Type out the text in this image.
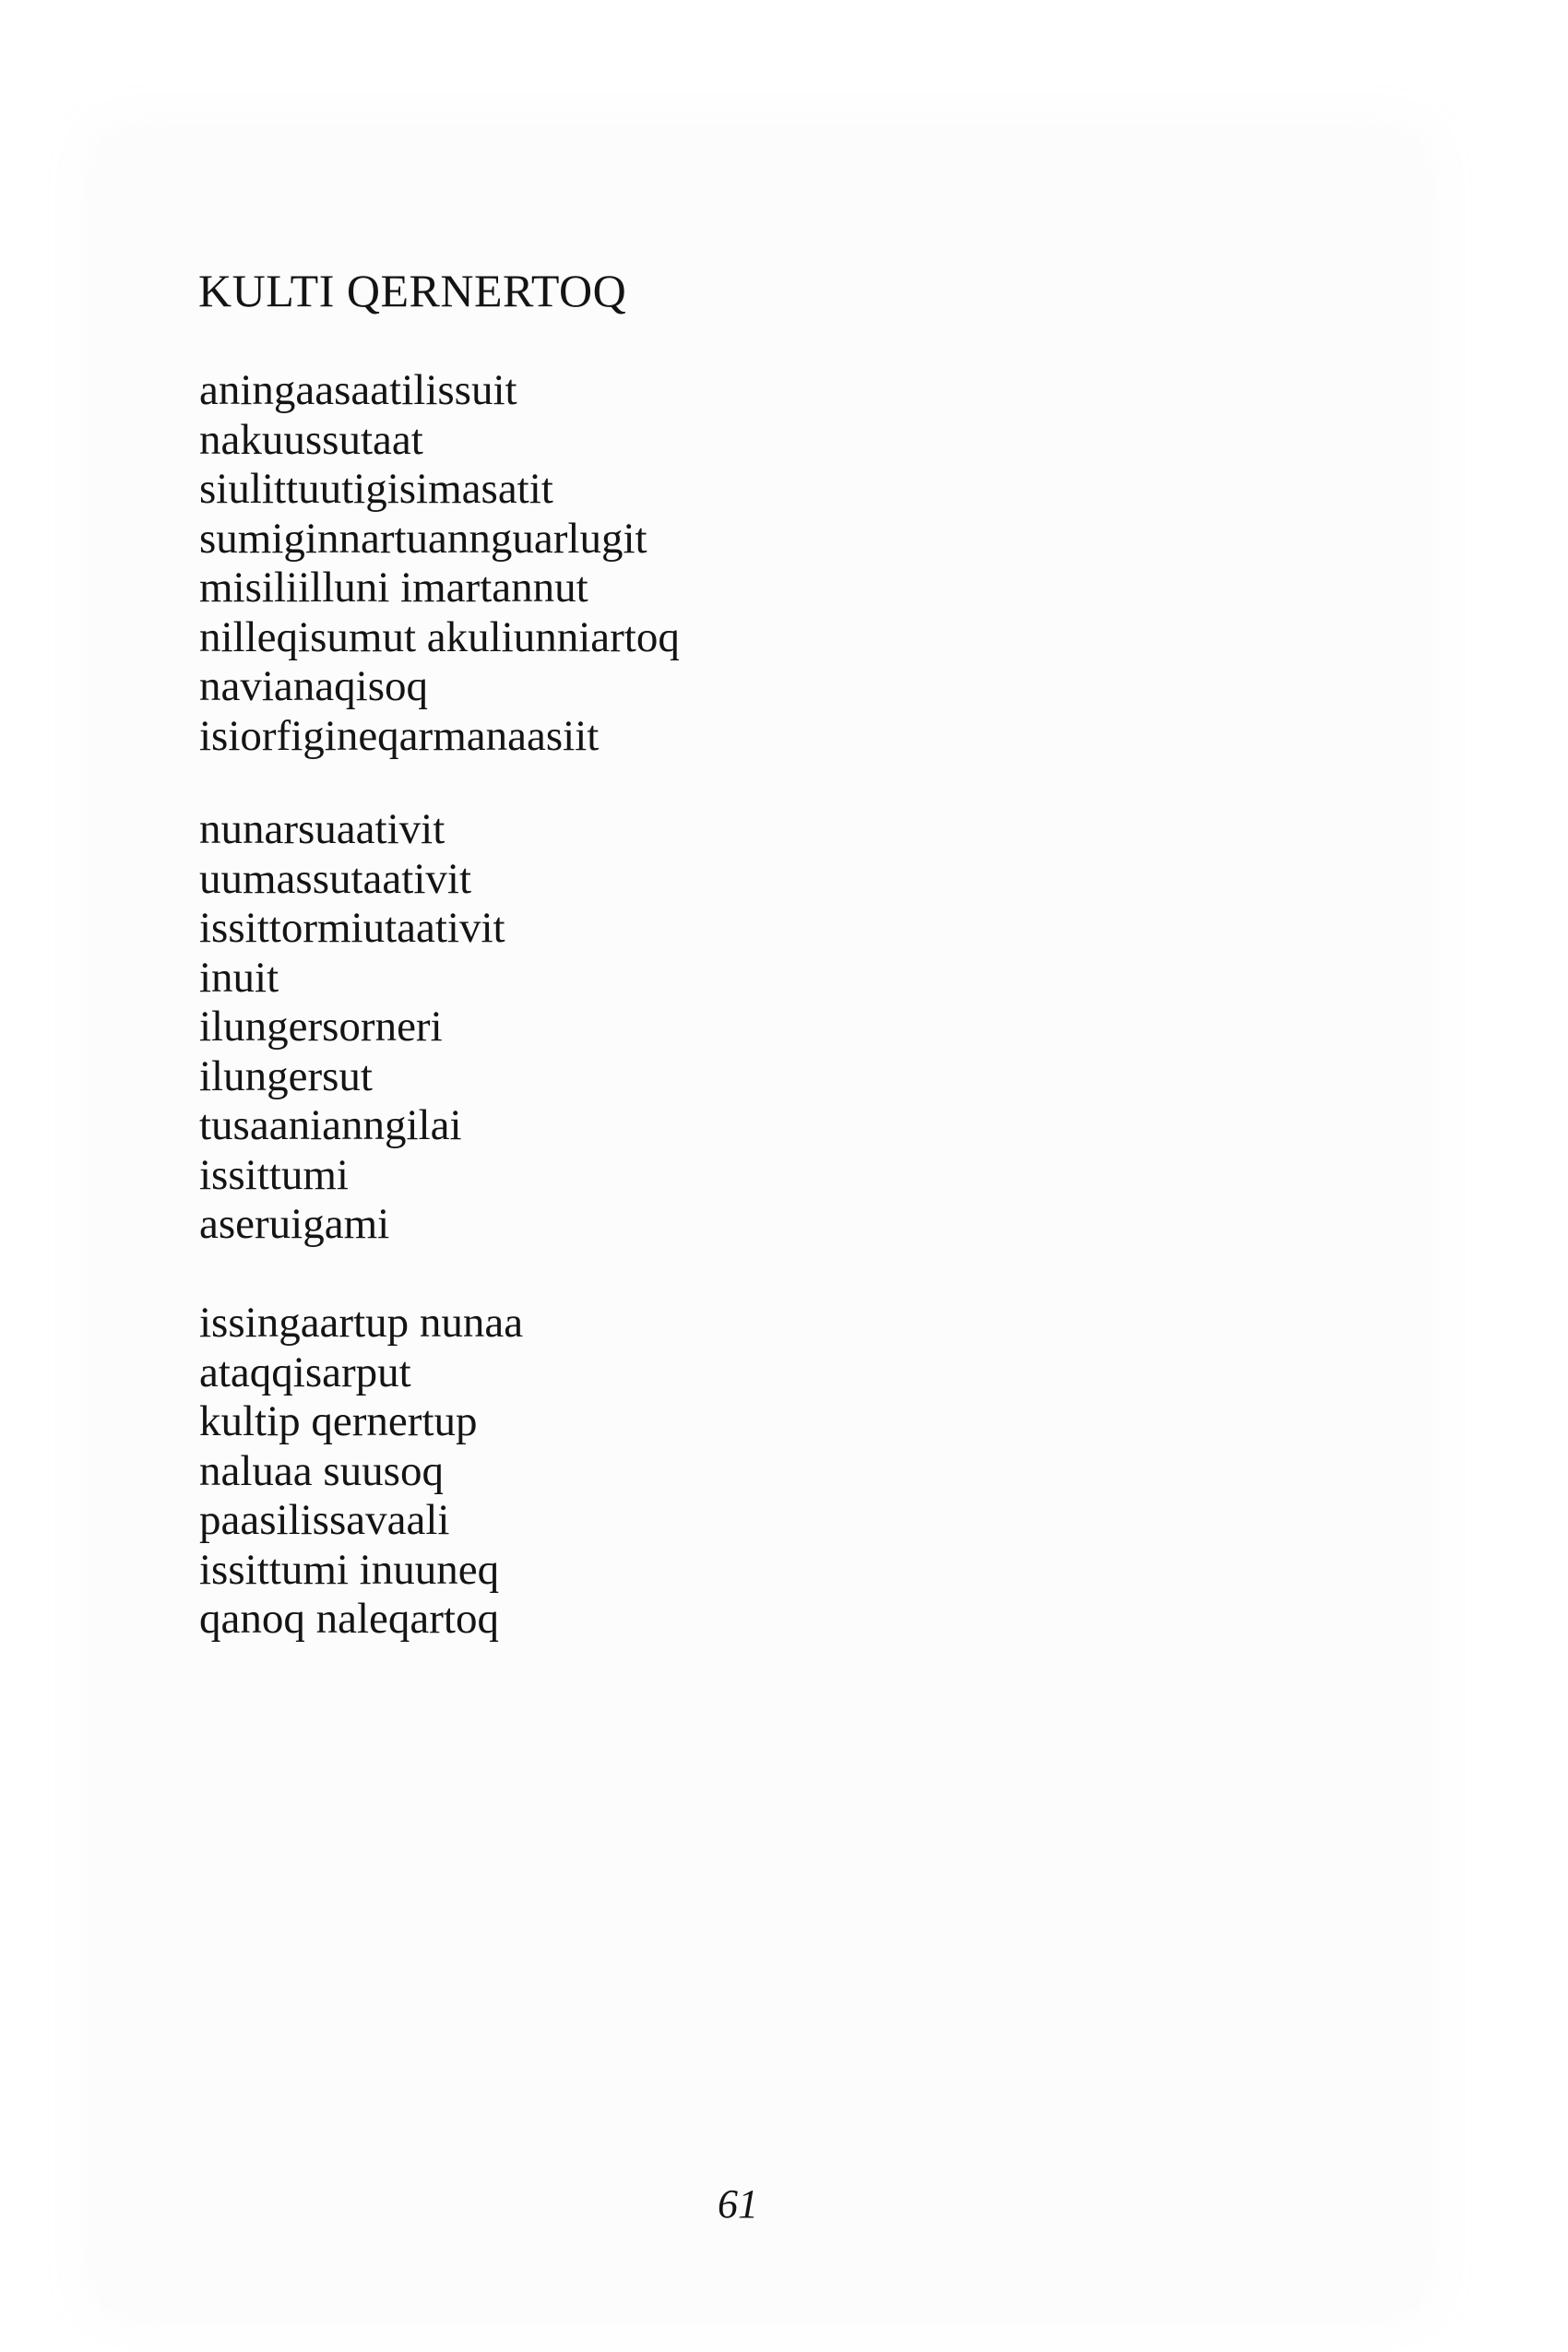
KULTI QERNERTOQ
aningaasaatilissuit
nakuussutaat
siulittuutigisimasatit
sumiginnartuannguarlugit
misiliilluni imartannut
nilleqisumut akuliunniartoq
navianaqisoq
isiorfigineqarmanaasiit
nunarsuaativit
uumassutaativit
issittormiutaativit
inuit
ilungersorneri
ilungersut
tusaanianngilai
issittumi
aseruigami
issingaartup nunaa
ataqqisarput
kultip qernertup
naluaa suusoq
paasilissavaali
issittumi inuuneq
qanoq naleqartoq
61
